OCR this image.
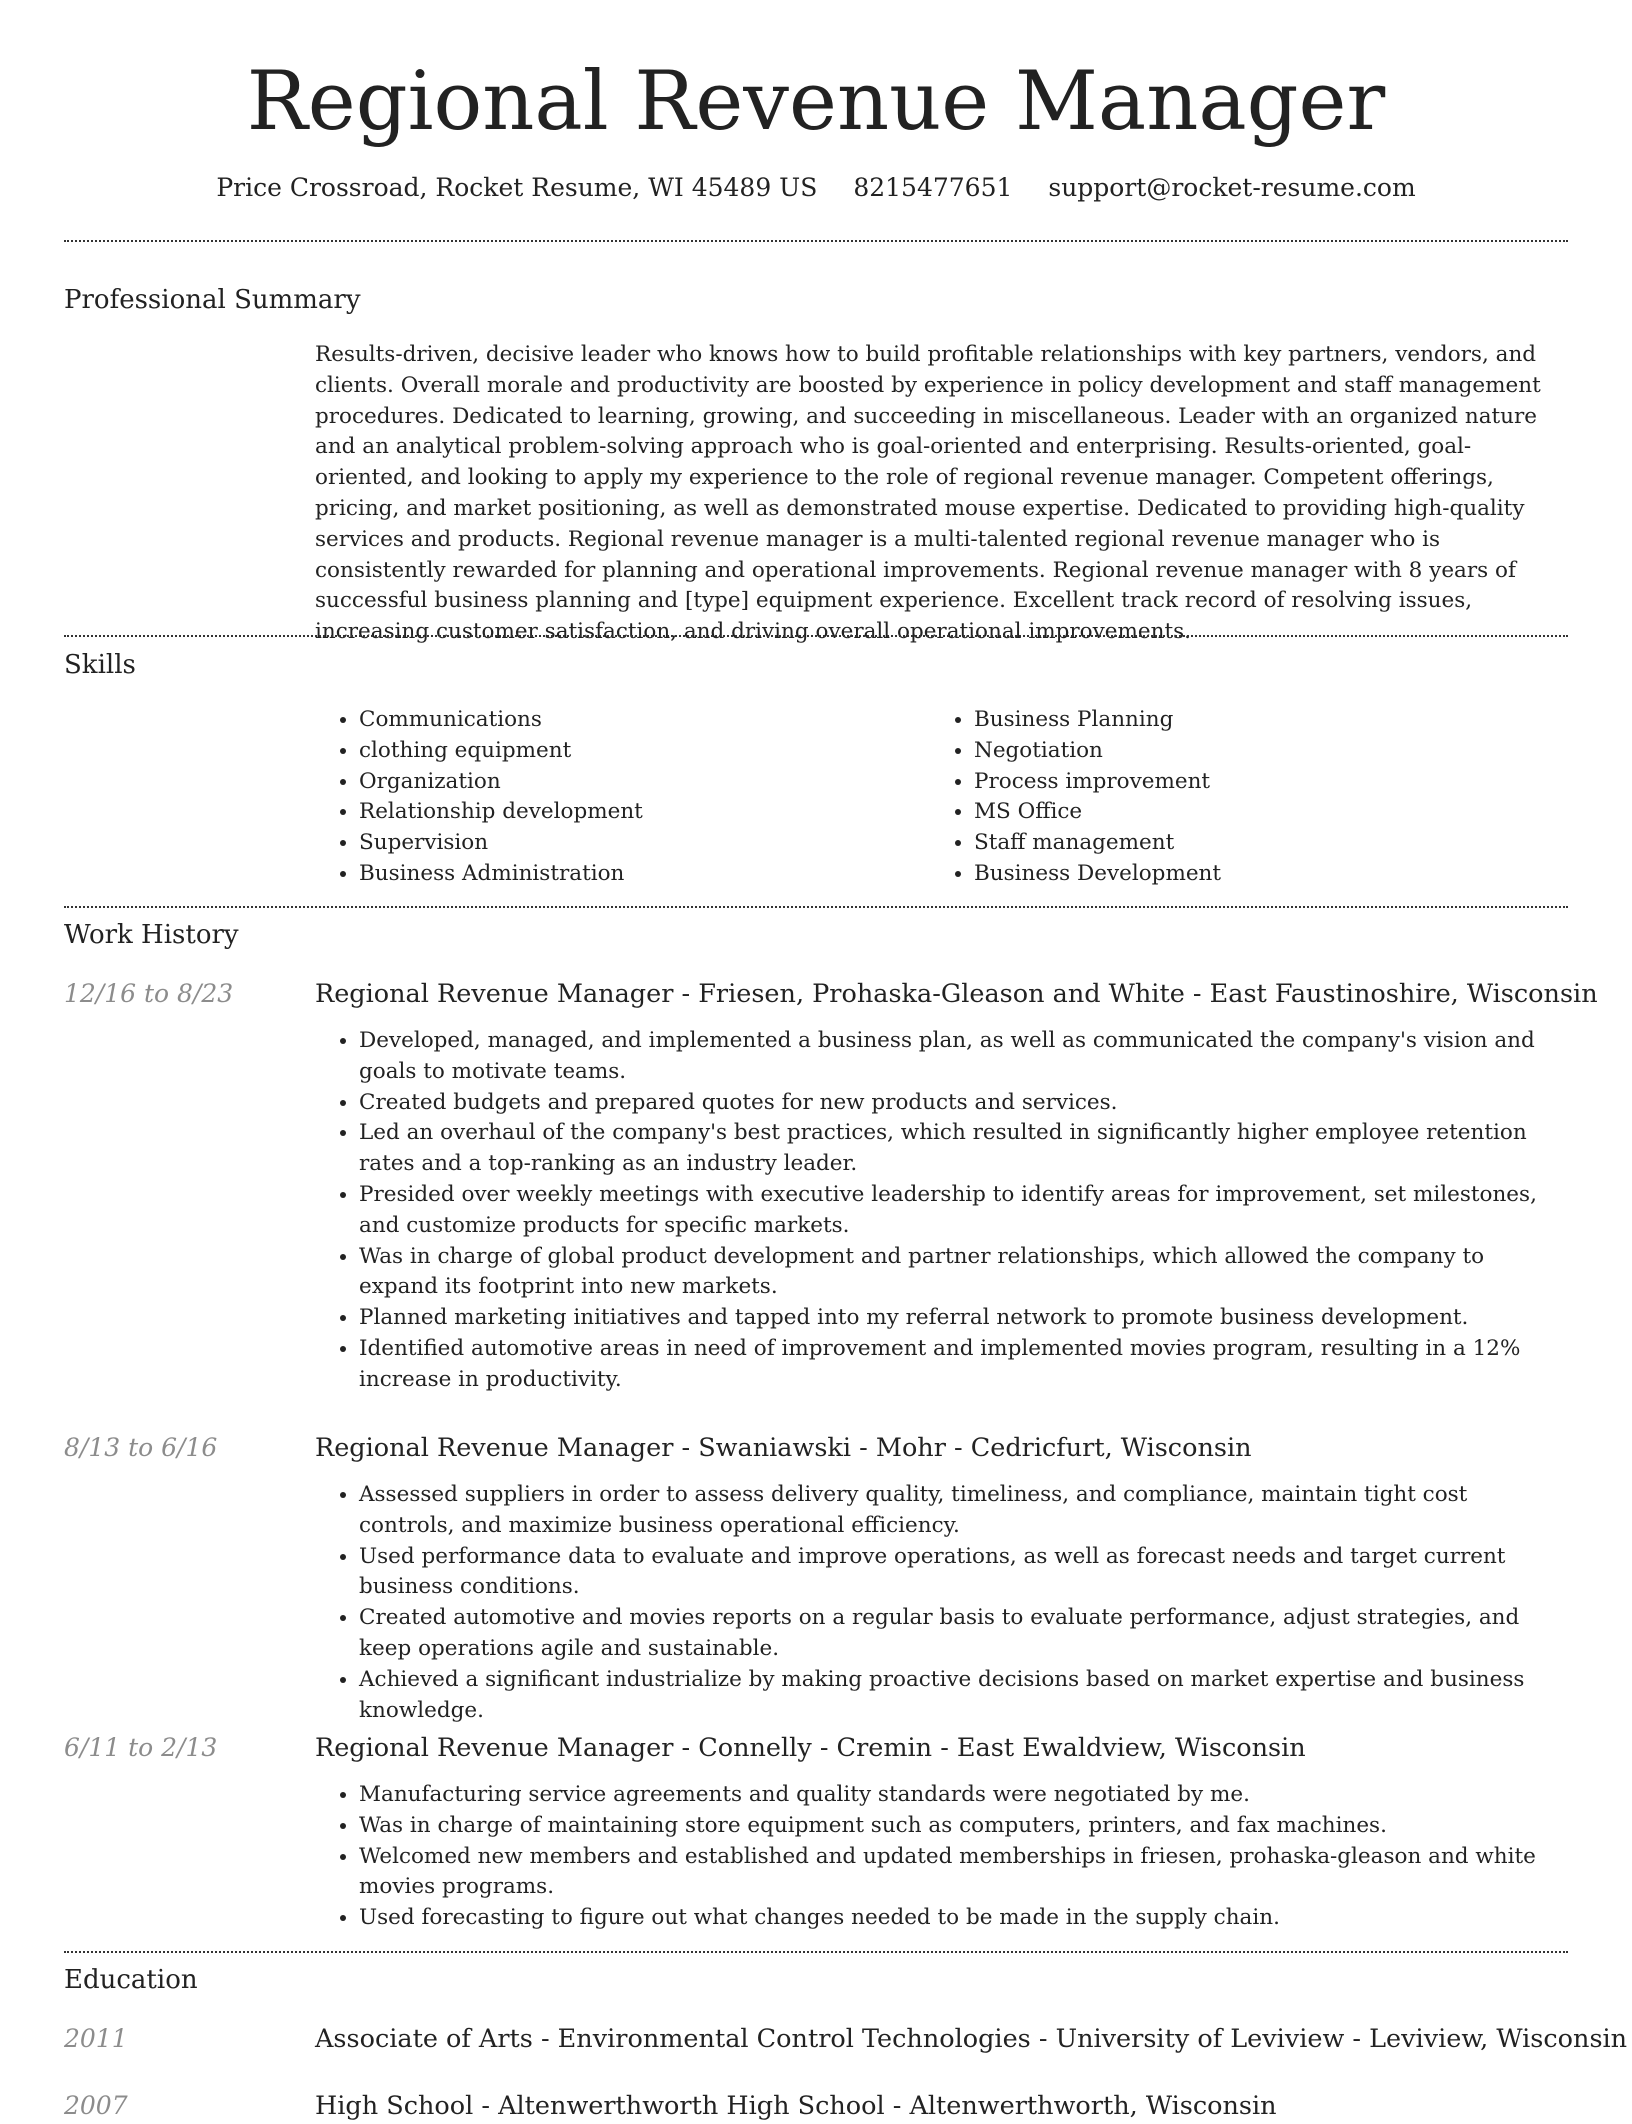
Regional Revenue Manager
Price Crossroad, Rocket Resume, WI 45489 US 8215477651 support@rocket-resume.com
Professional Summary

Results-driven, decisive leader who knows how to build profitable relationships with key partners, vendors, and clients. Overall morale and productivity are boosted by experience in policy development and staff management procedures. Dedicated to learning, growing, and succeeding in miscellaneous. Leader with an organized nature and an analytical problem-solving approach who is goal-oriented and enterprising. Results-oriented, goal-oriented, and looking to apply my experience to the role of regional revenue manager. Competent offerings, pricing, and market positioning, as well as demonstrated mouse expertise. Dedicated to providing high-quality services and products. Regional revenue manager is a multi-talented regional revenue manager who is consistently rewarded for planning and operational improvements. Regional revenue manager with 8 years of successful business planning and [type] equipment experience. Excellent track record of resolving issues, increasing customer satisfaction, and driving overall operational improvements.

Skills
• Communications
• clothing equipment
• Organization
• Relationship development
• Supervision
• Business Administration
• Business Planning
• Negotiation
• Process improvement
• MS Office
• Staff management
• Business Development
Work History
12/16 to 8/23	Regional Revenue Manager - Friesen, Prohaska-Gleason and White - East Faustinoshire, Wisconsin
• Developed, managed, and implemented a business plan, as well as communicated the company's vision and goals to motivate teams.
• Created budgets and prepared quotes for new products and services.
• Led an overhaul of the company's best practices, which resulted in significantly higher employee retention rates and a top-ranking as an industry leader.
• Presided over weekly meetings with executive leadership to identify areas for improvement, set milestones, and customize products for specific markets.
• Was in charge of global product development and partner relationships, which allowed the company to expand its footprint into new markets.
• Planned marketing initiatives and tapped into my referral network to promote business development.
• Identified automotive areas in need of improvement and implemented movies program, resulting in a 12% increase in productivity.
8/13 to 6/16	Regional Revenue Manager - Swaniawski - Mohr - Cedricfurt, Wisconsin
• Assessed suppliers in order to assess delivery quality, timeliness, and compliance, maintain tight cost controls, and maximize business operational efficiency.
• Used performance data to evaluate and improve operations, as well as forecast needs and target current business conditions.
• Created automotive and movies reports on a regular basis to evaluate performance, adjust strategies, and keep operations agile and sustainable.
• Achieved a significant industrialize by making proactive decisions based on market expertise and business knowledge.
6/11 to 2/13	Regional Revenue Manager - Connelly - Cremin - East Ewaldview, Wisconsin
• Manufacturing service agreements and quality standards were negotiated by me.
• Was in charge of maintaining store equipment such as computers, printers, and fax machines.
• Welcomed new members and established and updated memberships in friesen, prohaska-gleason and white movies programs.
• Used forecasting to figure out what changes needed to be made in the supply chain.
Education
2011	Associate of Arts - Environmental Control Technologies - University of Leviview - Leviview, Wisconsin
2007	High School - Altenwerthworth High School - Altenwerthworth, Wisconsin
